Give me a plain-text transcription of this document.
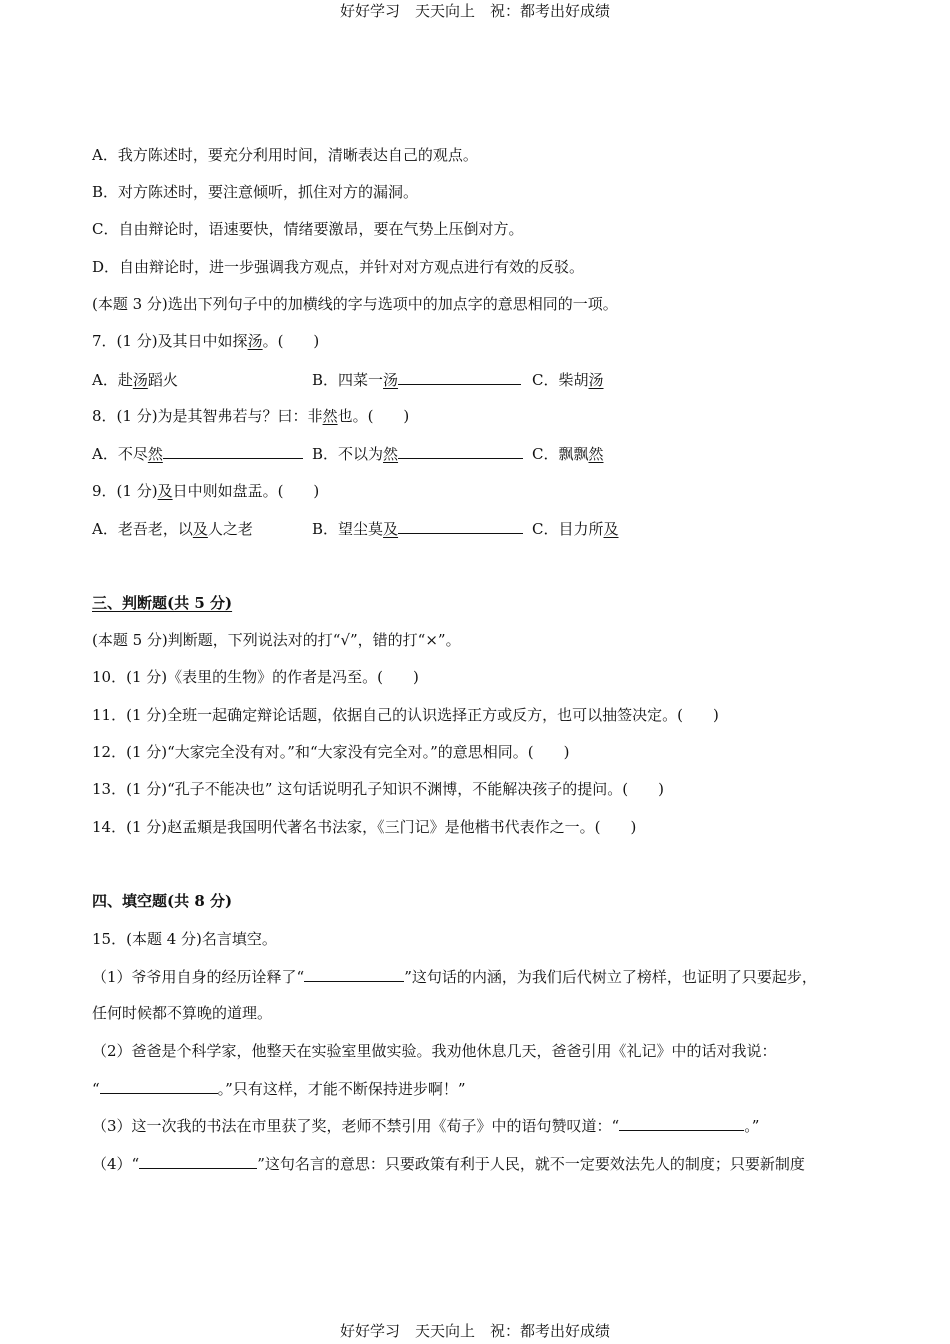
好好学习　天天向上　祝：都考出好成绩
A．我方陈述时，要充分利用时间，清晰表达自己的观点。
B．对方陈述时，要注意倾听，抓住对方的漏洞。
C．自由辩论时，语速要快，情绪要激昂，要在气势上压倒对方。
D．自由辩论时，进一步强调我方观点，并针对对方观点进行有效的反驳。
(本题 3 分)选出下列句子中的加横线的字与选项中的加点字的意思相同的一项。
7．(1 分)及其日中如探汤。(　　)
A．赴汤蹈火	B．四菜一汤	C．柴胡汤
8．(1 分)为是其智弗若与？曰：非然也。(　　)
A．不尽然	B．不以为然	C．飘飘然
9．(1 分)及日中则如盘盂。(　　)
A．老吾老，以及人之老	B．望尘莫及	C．目力所及
三、判断题(共 5 分)
(本题 5 分)判断题，下列说法对的打“√”，错的打“×”。
10．(1 分)《表里的生物》的作者是冯至。(　　)
11．(1 分)全班一起确定辩论话题，依据自己的认识选择正方或反方，也可以抽签决定。(　　)
12．(1 分)“大家完全没有对。”和“大家没有完全对。”的意思相同。(　　)
13．(1 分)“孔子不能决也” 这句话说明孔子知识不渊博，不能解决孩子的提问。(　　)
14．(1 分)赵孟頫是我国明代著名书法家，《三门记》是他楷书代表作之一。(　　)
四、填空题(共 8 分)
15．(本题 4 分)名言填空。
（1）爷爷用自身的经历诠释了“	”这句话的内涵，为我们后代树立了榜样，也证明了只要起步，
任何时候都不算晚的道理。
（2）爸爸是个科学家，他整天在实验室里做实验。我劝他休息几天，爸爸引用《礼记》中的话对我说：
“	。”只有这样，才能不断保持进步啊！”
（3）这一次我的书法在市里获了奖，老师不禁引用《荀子》中的语句赞叹道：“	。”
（4）“	”这句名言的意思：只要政策有利于人民，就不一定要效法先人的制度；只要新制度
好好学习　天天向上　祝：都考出好成绩
